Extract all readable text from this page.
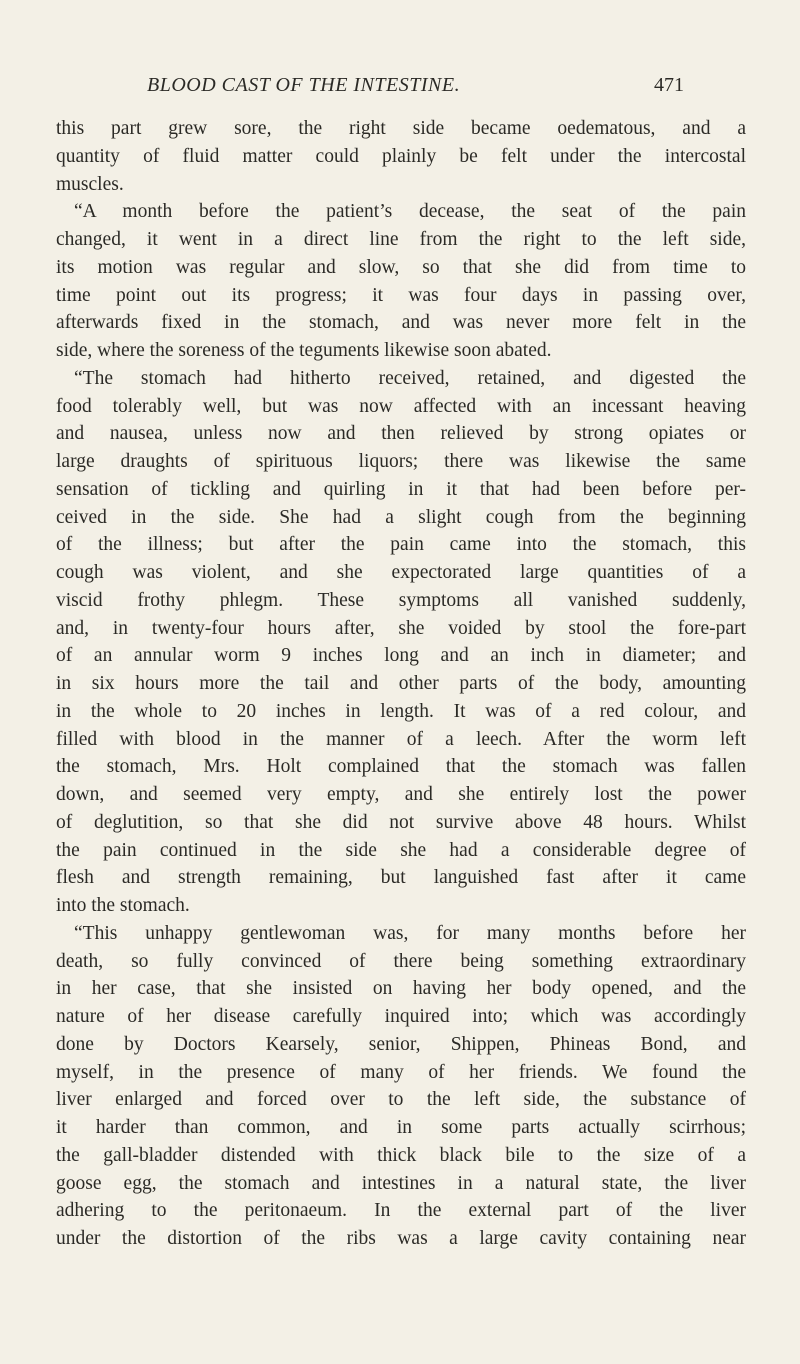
BLOOD CAST OF THE INTESTINE.	471
this part grew sore, the right side became oedematous, and a
quantity of fluid matter could plainly be felt under the intercostal
muscles.
“A month before the patient’s decease, the seat of the pain
changed, it went in a direct line from the right to the left side,
its motion was regular and slow, so that she did from time to
time point out its progress; it was four days in passing over,
afterwards fixed in the stomach, and was never more felt in the
side, where the soreness of the teguments likewise soon abated.
“The stomach had hitherto received, retained, and digested the
food tolerably well, but was now affected with an incessant heaving
and nausea, unless now and then relieved by strong opiates or
large draughts of spirituous liquors; there was likewise the same
sensation of tickling and quirling in it that had been before per-
ceived in the side. She had a slight cough from the beginning
of the illness; but after the pain came into the stomach, this
cough was violent, and she expectorated large quantities of a
viscid frothy phlegm. These symptoms all vanished suddenly,
and, in twenty-four hours after, she voided by stool the fore-part
of an annular worm 9 inches long and an inch in diameter; and
in six hours more the tail and other parts of the body, amounting
in the whole to 20 inches in length. It was of a red colour, and
filled with blood in the manner of a leech. After the worm left
the stomach, Mrs. Holt complained that the stomach was fallen
down, and seemed very empty, and she entirely lost the power
of deglutition, so that she did not survive above 48 hours. Whilst
the pain continued in the side she had a considerable degree of
flesh and strength remaining, but languished fast after it came
into the stomach.
“This unhappy gentlewoman was, for many months before her
death, so fully convinced of there being something extraordinary
in her case, that she insisted on having her body opened, and the
nature of her disease carefully inquired into; which was accordingly
done by Doctors Kearsely, senior, Shippen, Phineas Bond, and
myself, in the presence of many of her friends. We found the
liver enlarged and forced over to the left side, the substance of
it harder than common, and in some parts actually scirrhous;
the gall-bladder distended with thick black bile to the size of a
goose egg, the stomach and intestines in a natural state, the liver
adhering to the peritonaeum. In the external part of the liver
under the distortion of the ribs was a large cavity containing near
